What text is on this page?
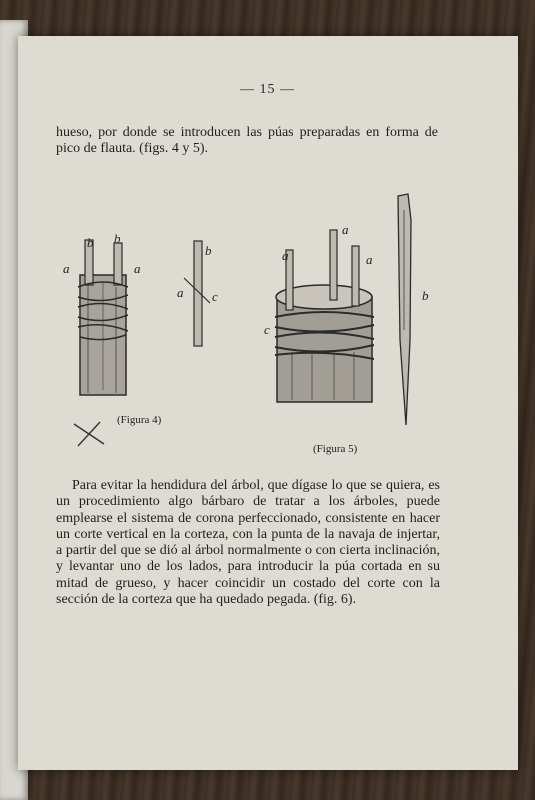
— 15 —
hueso, por donde se introducen las púas preparadas en forma de pico de flauta. (figs. 4 y 5).
a
b
a
b
a c
b
(Figura 4)
a
a
a
c
b
(Figura 5)
Para evitar la hendidura del árbol, que dígase lo que se quiera, es un procedimiento algo bárbaro de tratar a los árboles, puede emplearse el sistema de corona perfeccionado, consistente en hacer un corte vertical en la corteza, con la punta de la navaja de injertar, a partir del que se dió al árbol normalmente o con cierta inclinación, y levantar uno de los lados, para introducir la púa cortada en su mitad de grueso, y hacer coincidir un costado del corte con la sección de la corteza que ha quedado pegada. (fig. 6).
